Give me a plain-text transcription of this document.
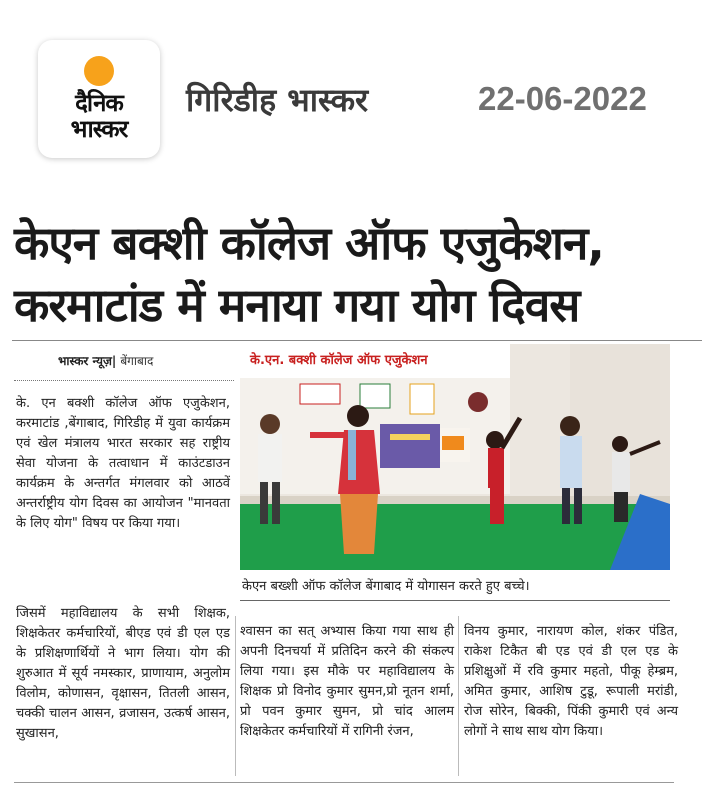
दैनिक
भास्कर
गिरिडीह भास्कर	22-06-2022
केएन बक्शी कॉलेज ऑफ एजुकेशन,
करमाटांड में मनाया गया योग दिवस
भास्कर न्यूज़| बेंगाबाद	के.एन. बक्शी कॉलेज ऑफ एजुकेशन
केएन बख्शी ऑफ कॉलेज बेंगाबाद में योगासन करते हुए बच्चे।
के. एन बक्शी कॉलेज ऑफ एजुकेशन, करमाटांड ,बेंगाबाद, गिरिडीह में युवा कार्यक्रम एवं खेल मंत्रालय भारत सरकार सह राष्ट्रीय सेवा योजना के तत्वाधान में काउंटडाउन कार्यक्रम के अन्तर्गत मंगलवार को आठवें अन्तर्राष्ट्रीय योग दिवस का आयोजन "मानवता के लिए योग" विषय पर किया गया।
जिसमें महाविद्यालय के सभी शिक्षक, शिक्षकेतर कर्मचारियों, बीएड एवं डी एल एड के प्रशिक्षणार्थियों ने भाग लिया। योग की शुरुआत में सूर्य नमस्कार, प्राणायाम, अनुलोम विलोम, कोणासन, वृक्षासन, तितली आसन, चक्की चालन आसन, व्रजासन, उत्कर्ष आसन, सुखासन,
श्वासन का सत् अभ्यास किया गया साथ ही अपनी दिनचर्या में प्रतिदिन करने की संकल्प लिया गया। इस मौके पर महाविद्यालय के शिक्षक प्रो विनोद कुमार सुमन,प्रो नूतन शर्मा, प्रो पवन कुमार सुमन, प्रो चांद आलम शिक्षकेतर कर्मचारियों में रागिनी रंजन,
विनय कुमार, नारायण कोल, शंकर पंडित, राकेश टिकैत बी एड एवं डी एल एड के प्रशिक्षुओं में रवि कुमार महतो, पीकू हेम्ब्रम, अमित कुमार, आशिष टुडू, रूपाली मरांडी, रोज सोरेन, बिक्की, पिंकी कुमारी एवं अन्य लोगों ने साथ साथ योग किया।
